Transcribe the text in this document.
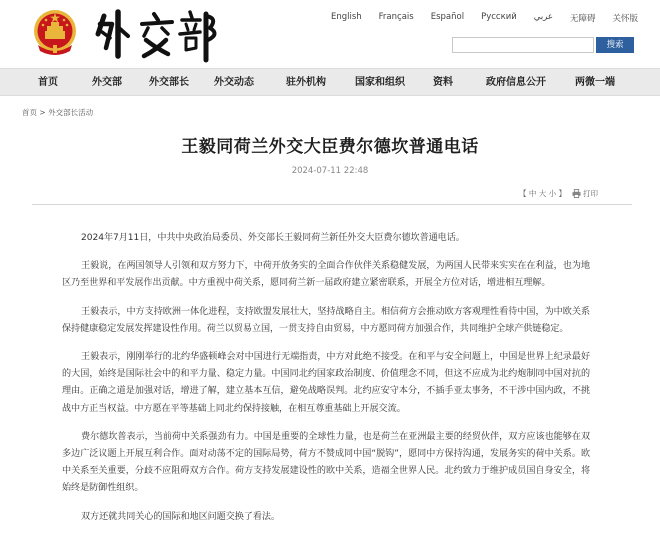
English Français Español Русский عربي 无障碍 关怀版
搜索
首页	外交部	外交部长	外交动态	驻外机构	国家和组织	资料	政府信息公开	两微一端
首页 > 外交部长活动
王毅同荷兰外交大臣费尔德坎普通电话
2024-07-11 22:48
【 中 大 小 】 打印

2024年7月11日，中共中央政治局委员、外交部长王毅同荷兰新任外交大臣费尔德坎普通电话。

王毅说，在两国领导人引领和双方努力下，中荷开放务实的全面合作伙伴关系稳健发展，为两国人民带来实实在在利益，也为地区乃至世界和平发展作出贡献。中方重视中荷关系，愿同荷兰新一届政府建立紧密联系，开展全方位对话，增进相互理解。

王毅表示，中方支持欧洲一体化进程，支持欧盟发展壮大，坚持战略自主。相信荷方会推动欧方客观理性看待中国，为中欧关系保持健康稳定发展发挥建设性作用。荷兰以贸易立国，一贯支持自由贸易，中方愿同荷方加强合作，共同维护全球产供链稳定。

王毅表示，刚刚举行的北约华盛顿峰会对中国进行无端指责，中方对此绝不接受。在和平与安全问题上，中国是世界上纪录最好的大国，始终是国际社会中的和平力量、稳定力量。中国同北约国家政治制度、价值理念不同，但这不应成为北约炮制同中国对抗的理由。正确之道是加强对话，增进了解，建立基本互信，避免战略误判。北约应安守本分，不插手亚太事务，不干涉中国内政，不挑战中方正当权益。中方愿在平等基础上同北约保持接触，在相互尊重基础上开展交流。

费尔德坎普表示，当前荷中关系强劲有力。中国是重要的全球性力量，也是荷兰在亚洲最主要的经贸伙伴，双方应该也能够在双多边广泛议题上开展互利合作。面对动荡不定的国际局势，荷方不赞成同中国“脱钩”，愿同中方保持沟通，发展务实的荷中关系。欧中关系至关重要，分歧不应阻碍双方合作。荷方支持发展建设性的欧中关系，造福全世界人民。北约致力于维护成员国自身安全，将始终是防御性组织。

双方还就共同关心的国际和地区问题交换了看法。
